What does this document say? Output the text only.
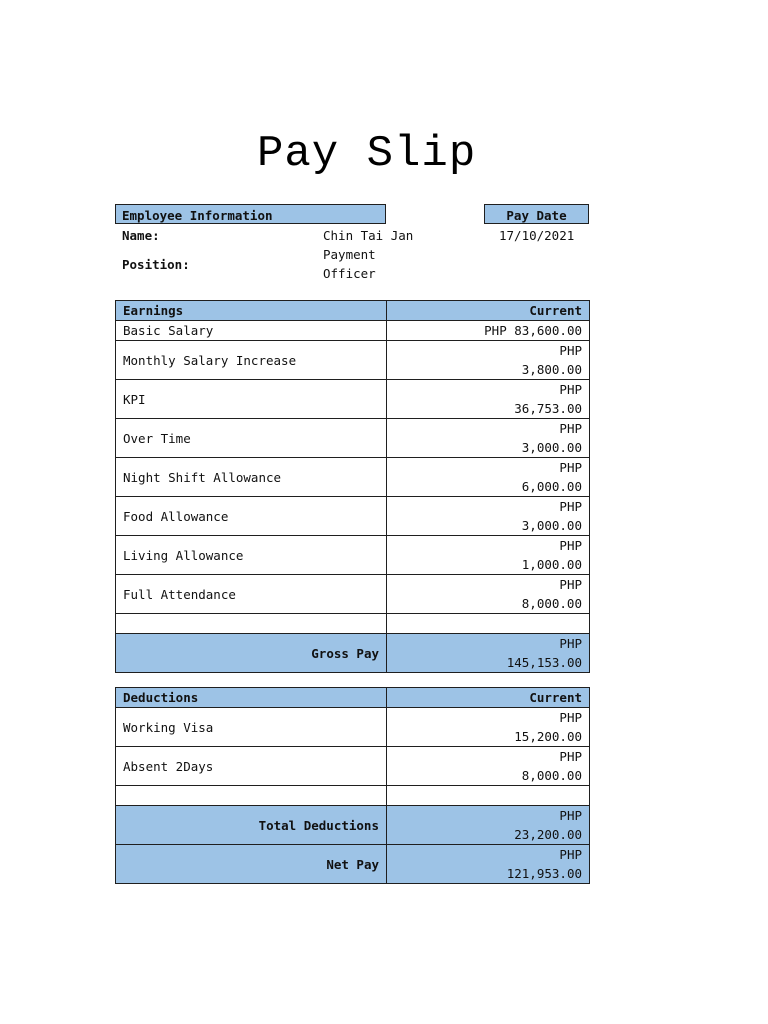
Pay Slip
Employee Information	Pay Date
Name:	Chin Tai Jan	17/10/2021
Position:
Payment
Officer
Earnings	Current
Basic Salary	PHP 83,600.00
Monthly Salary Increase	PHP
3,800.00

KPI	PHP
36,753.00

Over Time	PHP
3,000.00

Night Shift Allowance	PHP
6,000.00

Food Allowance	PHP
3,000.00

Living Allowance	PHP
1,000.00

Full Attendance	PHP
8,000.00

Gross Pay	PHP
145,153.00
Deductions	Current
Working Visa	PHP
15,200.00

Absent 2Days	PHP
8,000.00

Total Deductions	PHP
23,200.00

Net Pay	PHP
121,953.00
